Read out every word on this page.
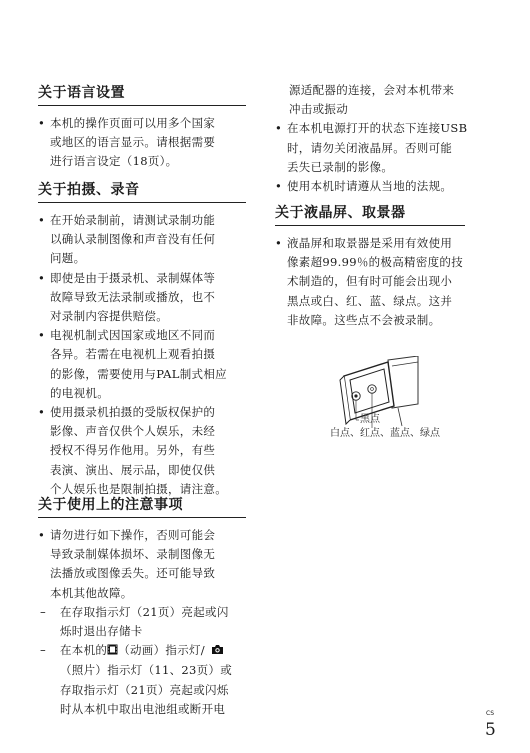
关于语言设置
• 本机的操作页面可以用多个国家
或地区的语言显示。请根据需要
进行语言设定（18页）。
关于拍摄、录音
• 在开始录制前，请测试录制功能
以确认录制图像和声音没有任何
问题。
• 即使是由于摄录机、录制媒体等
故障导致无法录制或播放，也不
对录制内容提供赔偿。
• 电视机制式因国家或地区不同而
各异。若需在电视机上观看拍摄
的影像，需要使用与PAL制式相应
的电视机。
• 使用摄录机拍摄的受版权保护的
影像、声音仅供个人娱乐，未经
授权不得另作他用。另外，有些
表演、演出、展示品，即使仅供
个人娱乐也是限制拍摄，请注意。
关于使用上的注意事项
• 请勿进行如下操作，否则可能会
导致录制媒体损坏、录制图像无
法播放或图像丢失。还可能导致
本机其他故障。
– 在存取指示灯（21页）亮起或闪
烁时退出存储卡
– 在本机的 （动画）指示灯/
（照片）指示灯（11、23页）或
存取指示灯（21页）亮起或闪烁
时从本机中取出电池组或断开电
源适配器的连接，会对本机带来
冲击或振动
• 在本机电源打开的状态下连接USB
时，请勿关闭液晶屏。否则可能
丢失已录制的影像。
• 使用本机时请遵从当地的法规。
关于液晶屏、取景器
• 液晶屏和取景器是采用有效使用
像素超99.99％的极高精密度的技
术制造的，但有时可能会出现小
黑点或白、红、蓝、绿点。这并
非故障。这些点不会被录制。
黑点
白点、红点、蓝点、绿点
CS
5
